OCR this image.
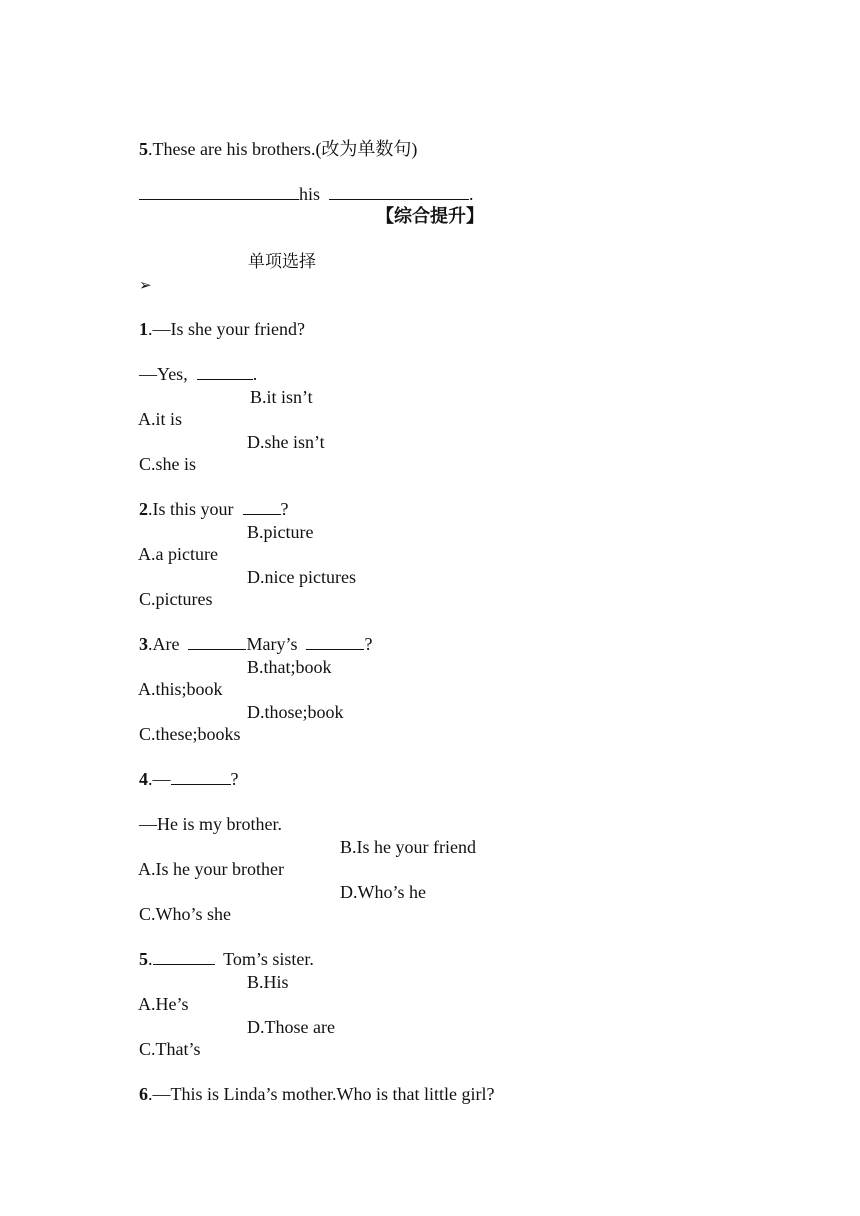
5.These are his brothers.(改为单数句)

his	.

【综合提升】

➢
单项选择

1.—Is she your friend?

—Yes,	.

A.it is
B.it isn’t

C.she is
D.she isn’t

2.Is this your  ?

A.a picture
B.picture

C.pictures
D.nice pictures

3.Are	Mary’s	?

A.this;book
B.that;book

C.these;books
D.those;book

4.—	?

—He is my brother.

A.Is he your brother
B.Is he your friend

C.Who’s she
D.Who’s he

5.	Tom’s sister.

A.He’s
B.His

C.That’s
D.Those are

6.—This is Linda’s mother.Who is that little girl?
